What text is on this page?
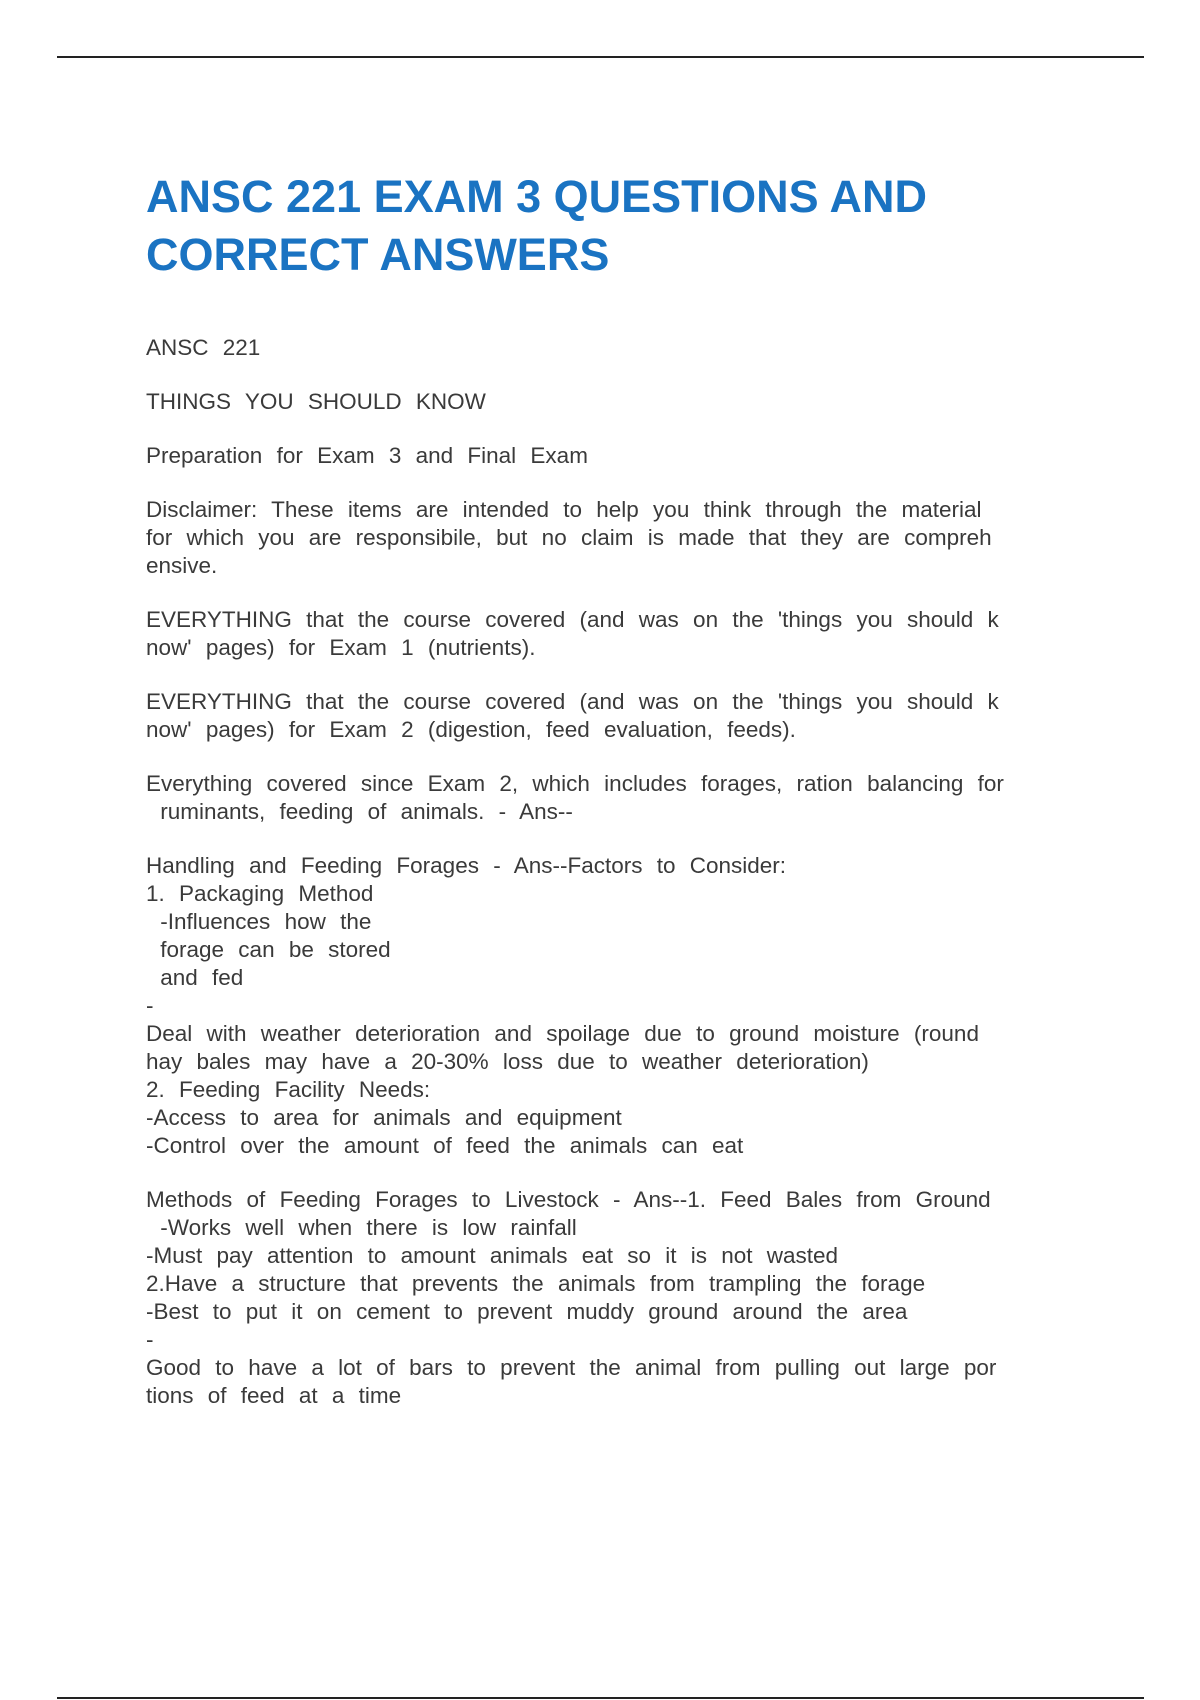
ANSC 221 EXAM 3 QUESTIONS AND CORRECT ANSWERS

ANSC 221

THINGS YOU SHOULD KNOW

Preparation for Exam 3 and Final Exam

Disclaimer: These items are intended to help you think through the material
for which you are responsibile, but no claim is made that they are compreh
ensive.

EVERYTHING that the course covered (and was on the 'things you should k
now' pages) for Exam 1 (nutrients).

EVERYTHING that the course covered (and was on the 'things you should k
now' pages) for Exam 2 (digestion, feed evaluation, feeds).

Everything covered since Exam 2, which includes forages, ration balancing for
ruminants, feeding of animals. - Ans--

Handling and Feeding Forages - Ans--Factors to Consider:
1. Packaging Method
-Influences how the
forage can be stored
and fed
-
Deal with weather deterioration and spoilage due to ground moisture (round
hay bales may have a 20-30% loss due to weather deterioration)
2. Feeding Facility Needs:
-Access to area for animals and equipment
-Control over the amount of feed the animals can eat

Methods of Feeding Forages to Livestock - Ans--1. Feed Bales from Ground
-Works well when there is low rainfall
-Must pay attention to amount animals eat so it is not wasted
2.Have a structure that prevents the animals from trampling the forage
-Best to put it on cement to prevent muddy ground around the area
-
Good to have a lot of bars to prevent the animal from pulling out large por
tions of feed at a time
